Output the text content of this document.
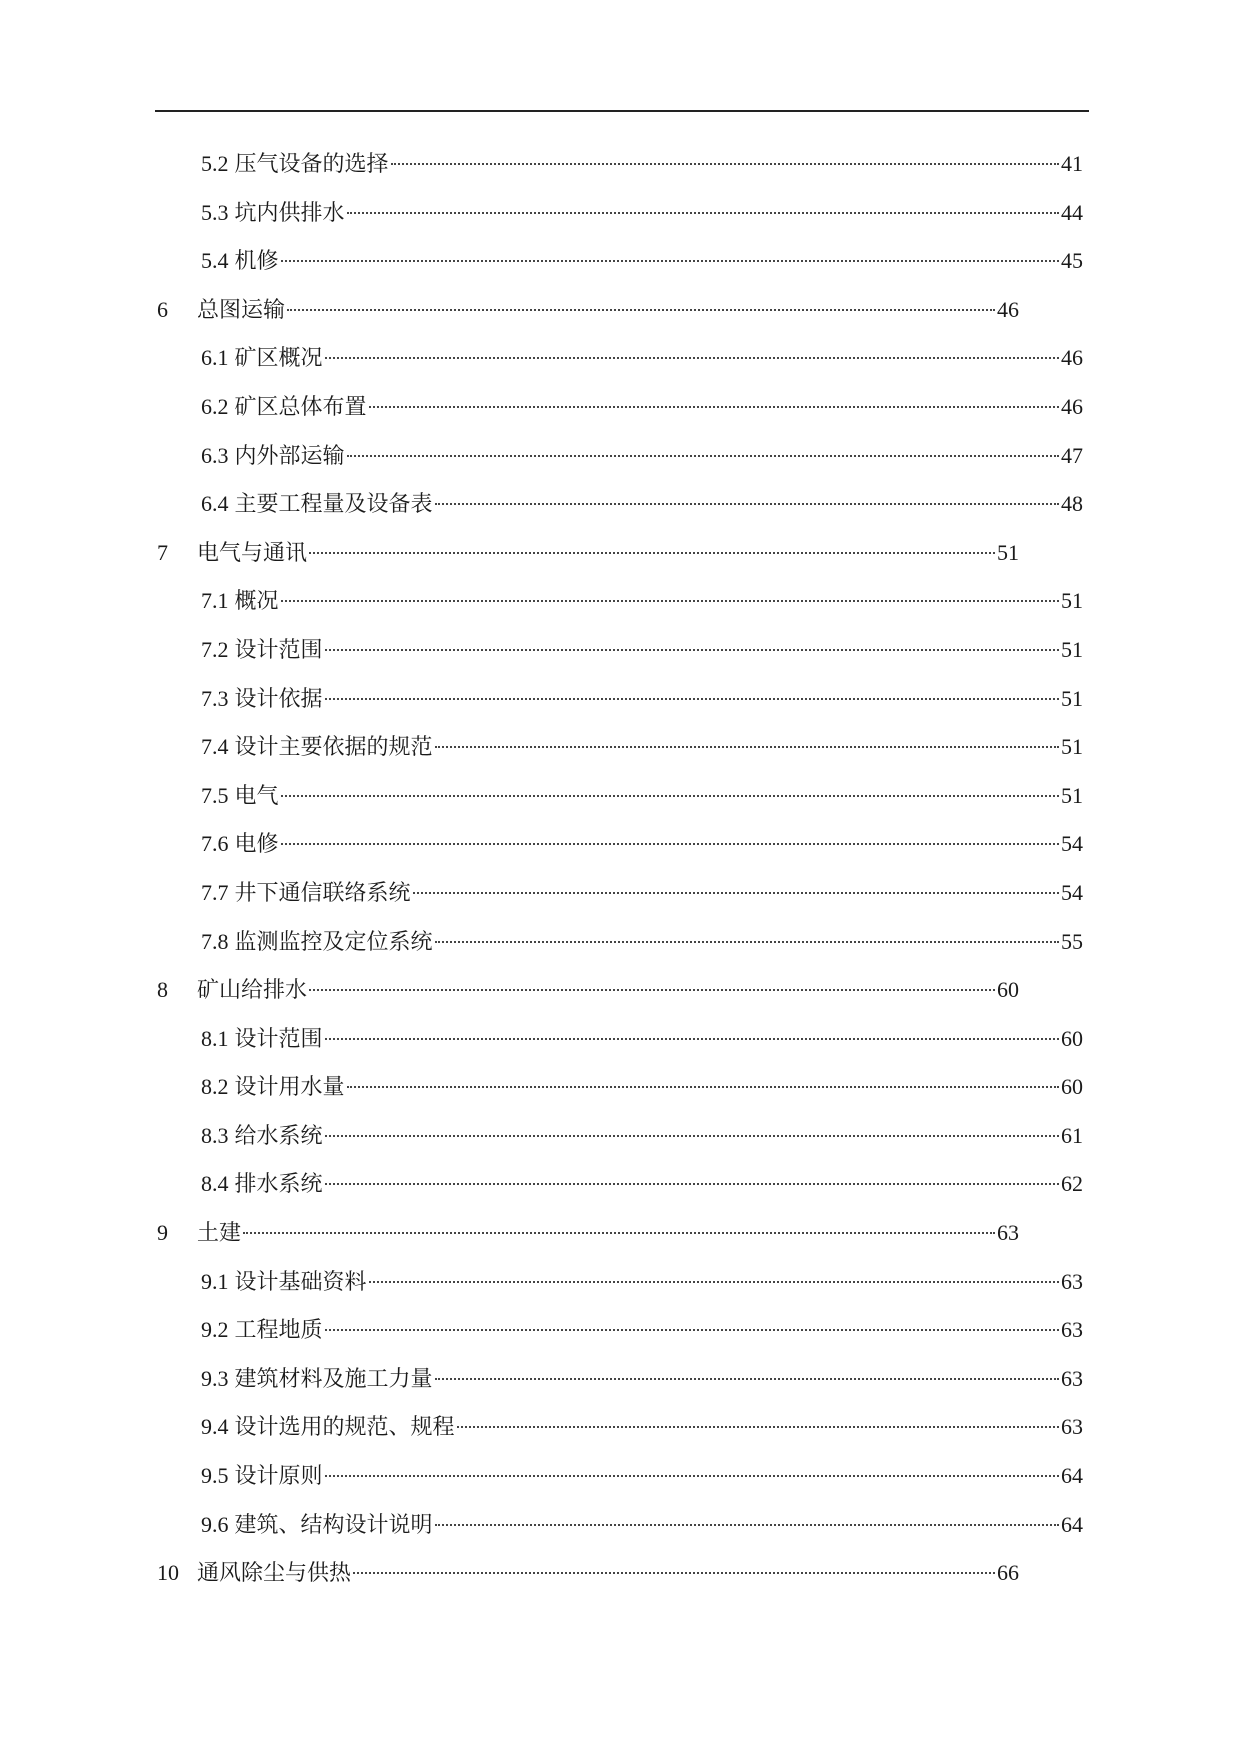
5.2 压气设备的选择	41
5.3 坑内供排水	44
5.4 机修	45
6	总图运输	46
6.1 矿区概况	46
6.2 矿区总体布置	46
6.3 内外部运输	47
6.4 主要工程量及设备表	48
7	电气与通讯	51
7.1 概况	51
7.2 设计范围	51
7.3 设计依据	51
7.4 设计主要依据的规范	51
7.5 电气	51
7.6 电修	54
7.7 井下通信联络系统	54
7.8 监测监控及定位系统	55
8	矿山给排水	60
8.1 设计范围	60
8.2 设计用水量	60
8.3 给水系统	61
8.4 排水系统	62
9	土建	63
9.1 设计基础资料	63
9.2 工程地质	63
9.3 建筑材料及施工力量	63
9.4 设计选用的规范、规程	63
9.5 设计原则	64
9.6 建筑、结构设计说明	64
10 通风除尘与供热	66
